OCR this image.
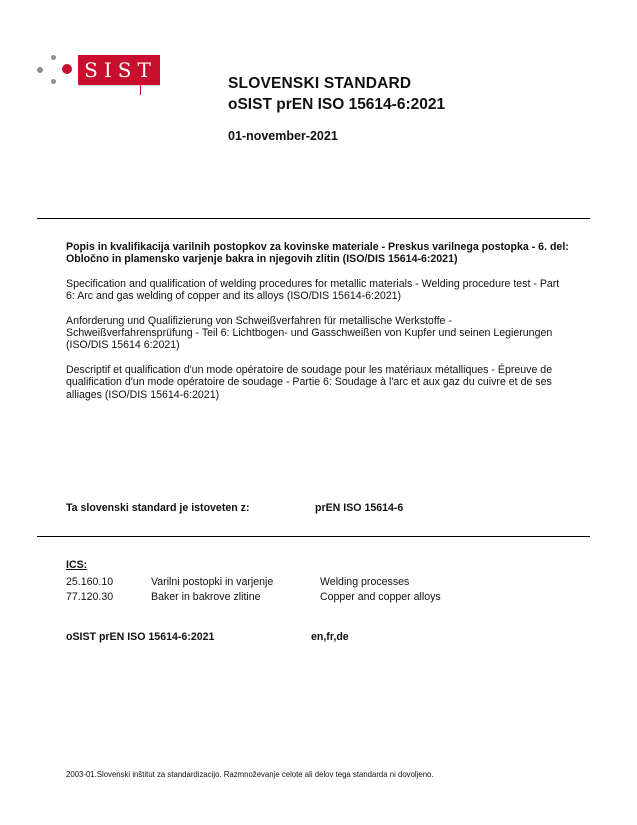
SIST
SLOVENSKI STANDARD
oSIST prEN ISO 15614-6:2021
01-november-2021

Popis in kvalifikacija varilnih postopkov za kovinske materiale - Preskus varilnega postopka - 6. del: Obločno in plamensko varjenje bakra in njegovih zlitin (ISO/DIS 15614-6:2021)

Specification and qualification of welding procedures for metallic materials - Welding procedure test - Part 6: Arc and gas welding of copper and its alloys (ISO/DIS 15614-6:2021)

Anforderung und Qualifizierung von Schweißverfahren für metallische Werkstoffe - Schweißverfahrensprüfung - Teil 6: Lichtbogen- und Gasschweißen von Kupfer und seinen Legierungen (ISO/DIS 15614 6:2021)

Descriptif et qualification d'un mode opératoire de soudage pour les matériaux métalliques - Épreuve de qualification d'un mode opératoire de soudage - Partie 6: Soudage à l'arc et aux gaz du cuivre et de ses alliages (ISO/DIS 15614-6:2021)

Ta slovenski standard je istoveten z:	prEN ISO 15614-6
ICS:
25.160.10	Varilni postopki in varjenje	Welding processes
77.120.30	Baker in bakrove zlitine	Copper and copper alloys
oSIST prEN ISO 15614-6:2021	en,fr,de
2003-01.Slovenski inštitut za standardizacijo. Razmnoževanje celote ali delov tega standarda ni dovoljeno.
